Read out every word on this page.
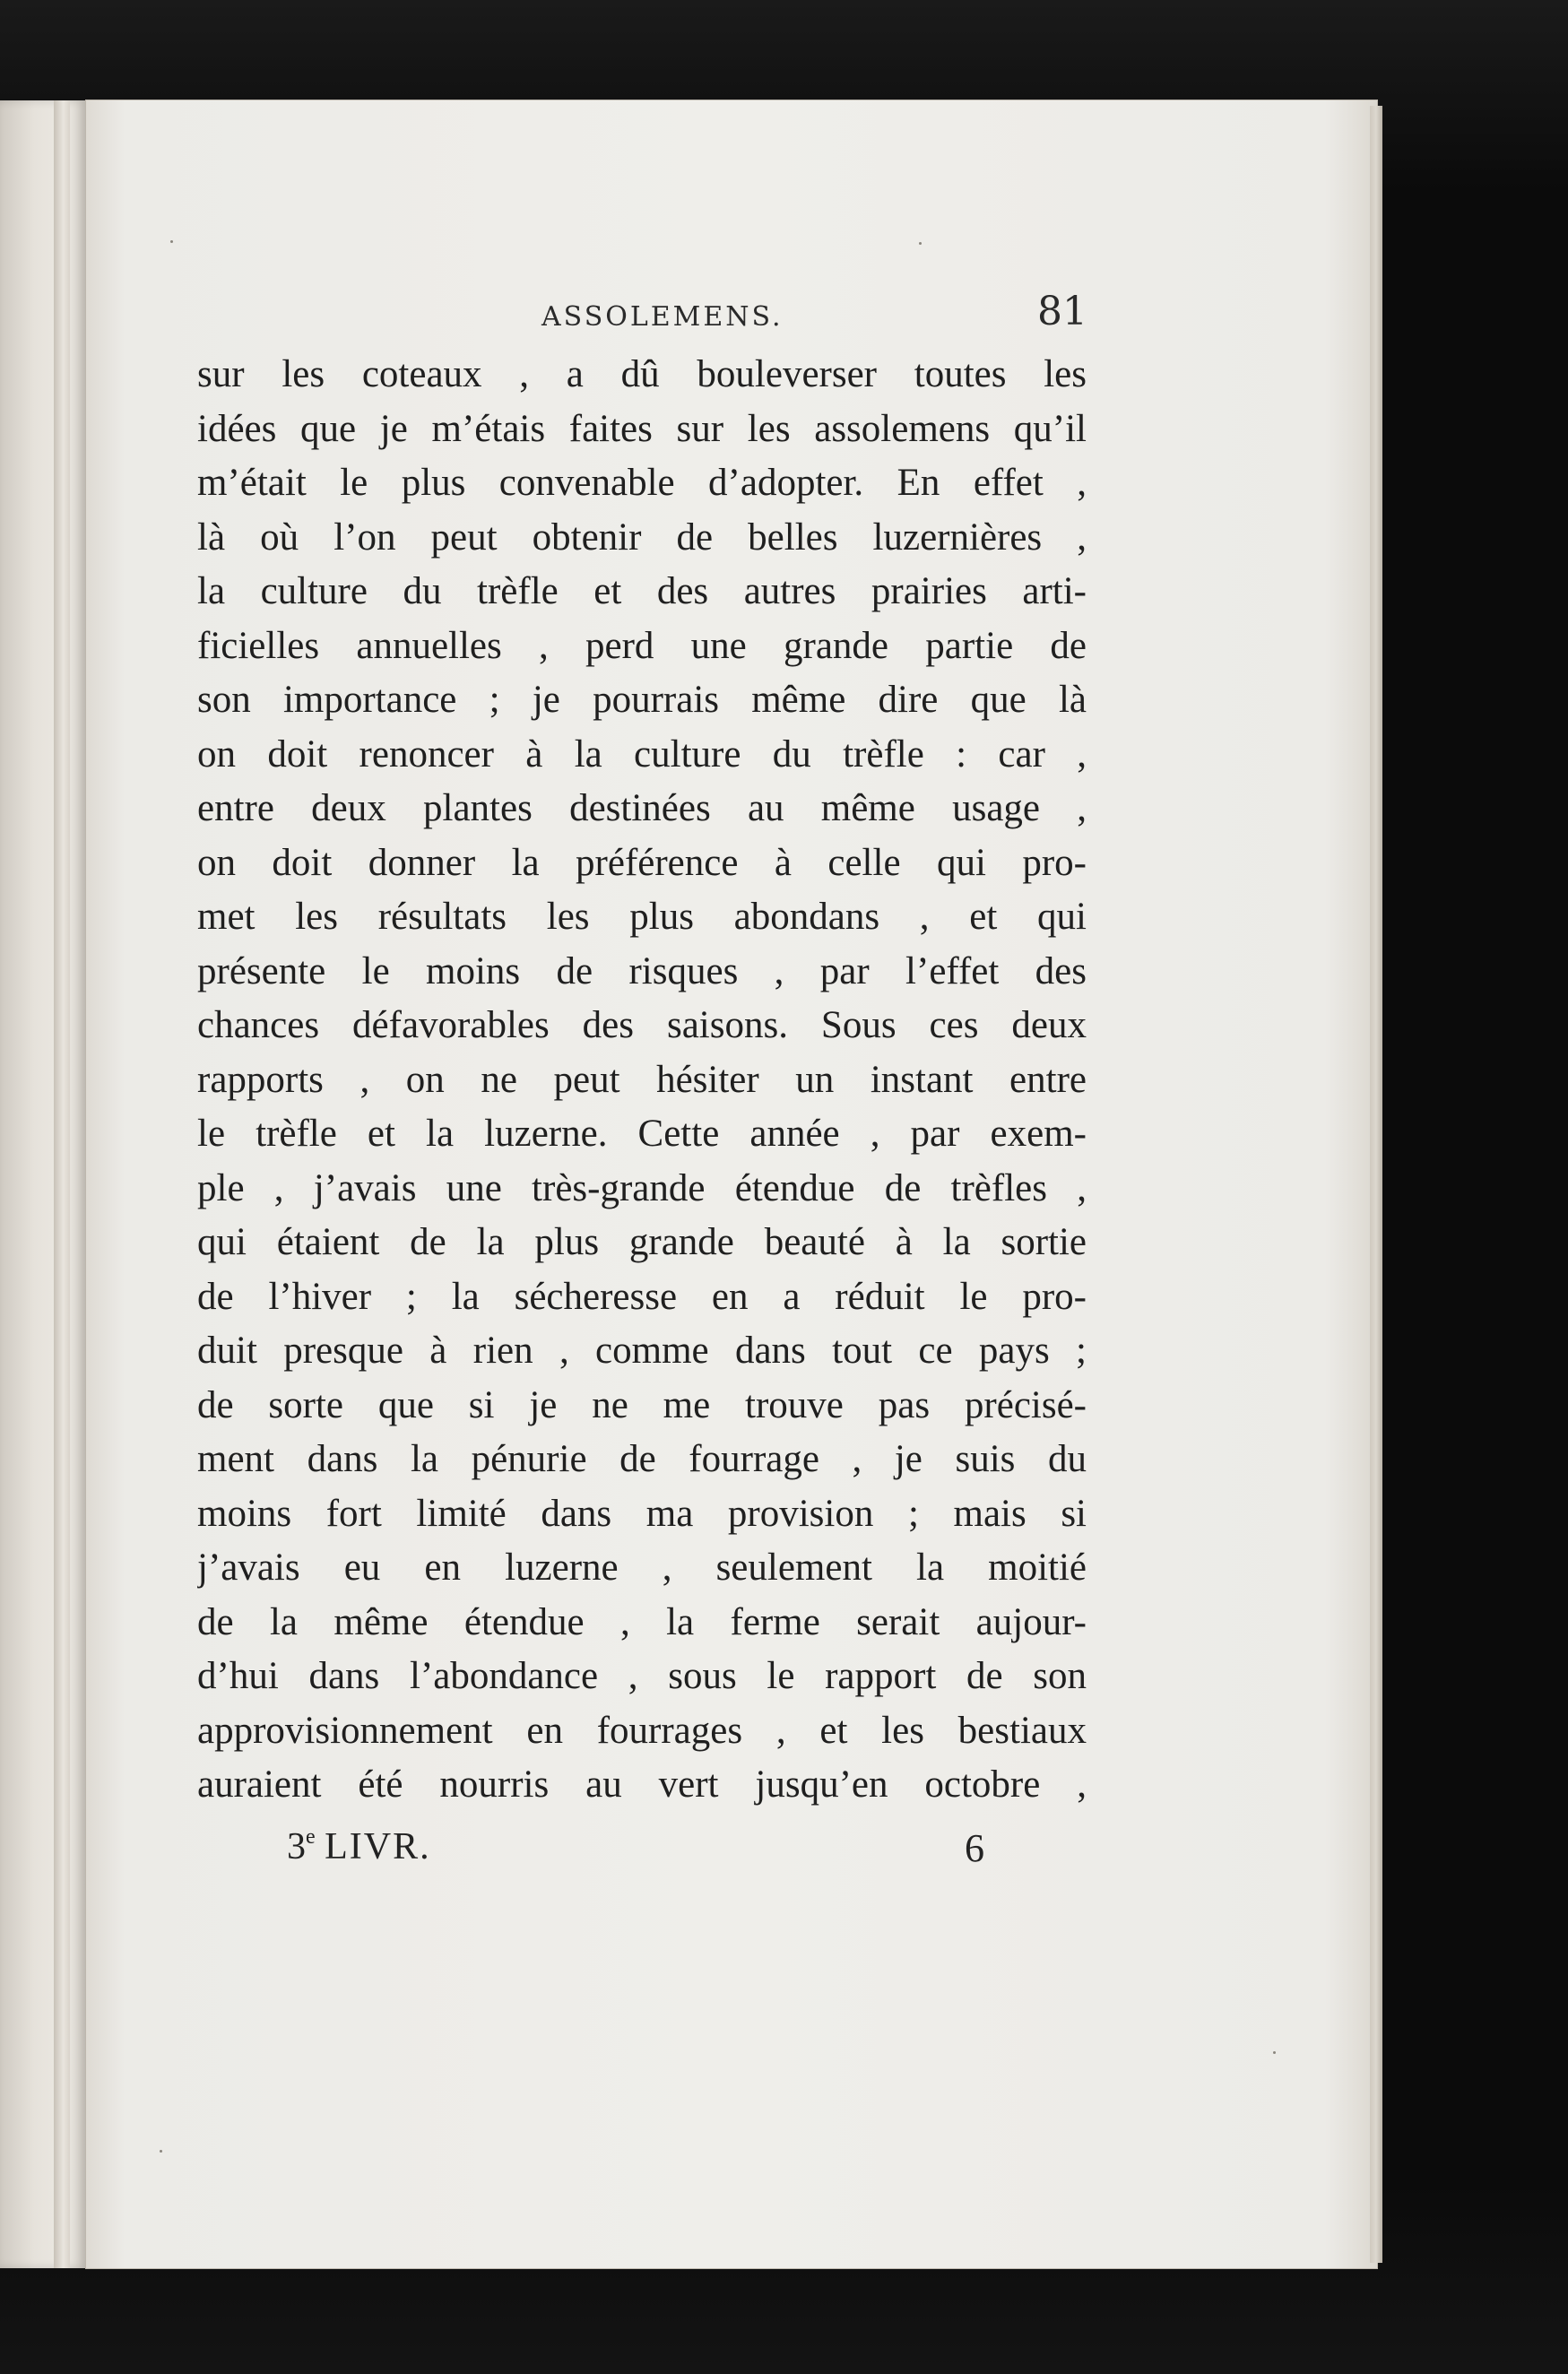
ASSOLEMENS.	81
sur les coteaux , a dû bouleverser toutes les
idées que je m’étais faites sur les assolemens qu’il
m’était le plus convenable d’adopter. En effet ,
là où l’on peut obtenir de belles luzernières ,
la culture du trèfle et des autres prairies arti-
ficielles annuelles , perd une grande partie de
son importance ; je pourrais même dire que là
on doit renoncer à la culture du trèfle : car ,
entre deux plantes destinées au même usage ,
on doit donner la préférence à celle qui pro-
met les résultats les plus abondans , et qui
présente le moins de risques , par l’effet des
chances défavorables des saisons. Sous ces deux
rapports , on ne peut hésiter un instant entre
le trèfle et la luzerne. Cette année , par exem-
ple , j’avais une très-grande étendue de trèfles ,
qui étaient de la plus grande beauté à la sortie
de l’hiver ; la sécheresse en a réduit le pro-
duit presque à rien , comme dans tout ce pays ;
de sorte que si je ne me trouve pas précisé-
ment dans la pénurie de fourrage , je suis du
moins fort limité dans ma provision ; mais si
j’avais eu en luzerne , seulement la moitié
de la même étendue , la ferme serait aujour-
d’hui dans l’abondance , sous le rapport de son
approvisionnement en fourrages , et les bestiaux
auraient été nourris au vert jusqu’en octobre ,
3e LIVR.	6
